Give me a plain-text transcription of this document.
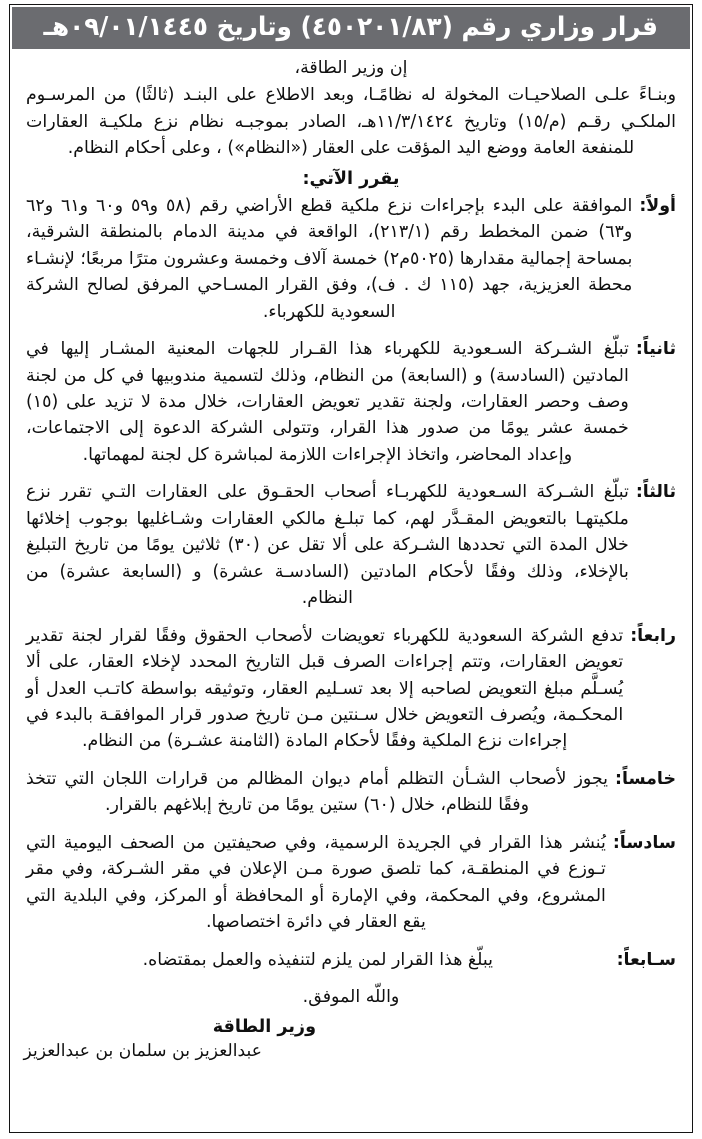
قرار وزاري رقم (٤٥٠٢٠١/٨٣) وتاريخ ٠٩/٠١/١٤٤٥هـ

إن وزير الطاقة،

وبنـاءً علـى الصلاحيـات المخولة له نظامًـا، وبعد الاطلاع على البنـد (ثالثًا) من المرسـوم الملكـي رقـم (م/١٥) وتاريخ ١١/٣/١٤٢٤هـ، الصادر بموجبـه نظام نزع ملكيـة العقارات للمنفعة العامة ووضع اليد المؤقت على العقار («النظام») ، وعلى أحكام النظام.

يقرر الآتي:

أولاً:
الموافقة على البدء بإجراءات نزع ملكية قطع الأراضي رقم (٥٨ و٥٩ و٦٠ و٦١ و٦٢ و٦٣) ضمن المخطط رقم (٢١٣/١)، الواقعة في مدينة الدمام بالمنطقة الشرقية، بمساحة إجمالية مقدارها (٥٠٢٥م٢) خمسة آلاف وخمسة وعشرون مترًا مربعًا؛ لإنشـاء محطة العزيزية، جهد (١١٥ ك . ف)، وفق القرار المسـاحي المرفق لصالح الشركة السعودية للكهرباء.
ثانياً:
تبلّغ الشـركة السـعودية للكهرباء هذا القـرار للجهات المعنية المشـار إليها في المادتين (السادسة) و (السابعة) من النظام، وذلك لتسمية مندوبيها في كل من لجنة وصف وحصر العقارات، ولجنة تقدير تعويض العقارات، خلال مدة لا تزيد على (١٥) خمسة عشر يومًا من صدور هذا القرار، وتتولى الشركة الدعوة إلى الاجتماعات، وإعداد المحاضر، واتخاذ الإجراءات اللازمة لمباشرة كل لجنة لمهماتها.
ثالثاً:
تبلّغ الشـركة السـعودية للكهربـاء أصحاب الحقـوق على العقارات التـي تقرر نزع ملكيتهـا بالتعويض المقـدَّر لهم، كما تبلـغ مالكي العقارات وشـاغليها بوجوب إخلائها خلال المدة التي تحددها الشـركة على ألا تقل عن (٣٠) ثلاثين يومًا من تاريخ التبليغ بالإخلاء، وذلك وفقًا لأحكام المادتين (السادسـة عشرة) و (السابعة عشرة) من النظام.
رابعاً:
تدفع الشركة السعودية للكهرباء تعويضات لأصحاب الحقوق وفقًا لقرار لجنة تقدير تعويض العقارات، وتتم إجراءات الصرف قبل التاريخ المحدد لإخلاء العقار، على ألا يُسـلَّم مبلغ التعويض لصاحبه إلا بعد تسـليم العقار، وتوثيقه بواسطة كاتـب العدل أو المحكـمة، ويُصرف التعويض خلال سـنتين مـن تاريخ صدور قرار الموافقـة بالبدء في إجراءات نزع الملكية وفقًا لأحكام المادة (الثامنة عشـرة) من النظام.
خامساً:
يجوز لأصحاب الشـأن التظلم أمام ديوان المظالم من قرارات اللجان التي تتخذ وفقًا للنظام، خلال (٦٠) ستين يومًا من تاريخ إبلاغهم بالقرار.
سادساً:
يُنشر هذا القرار في الجريدة الرسمية، وفي صحيفتين من الصحف اليومية التي تـوزع في المنطقـة، كما تلصق صورة مـن الإعلان في مقر الشـركة، وفي مقر المشروع، وفي المحكمة، وفي الإمارة أو المحافظة أو المركز، وفي البلدية التي يقع العقار في دائرة اختصاصها.
سـابعاً:
يبلّغ هذا القرار لمن يلزم لتنفيذه والعمل بمقتضاه.

واللّه الموفق.

وزير الطاقة
عبدالعزيز بن سلمان بن عبدالعزيز
